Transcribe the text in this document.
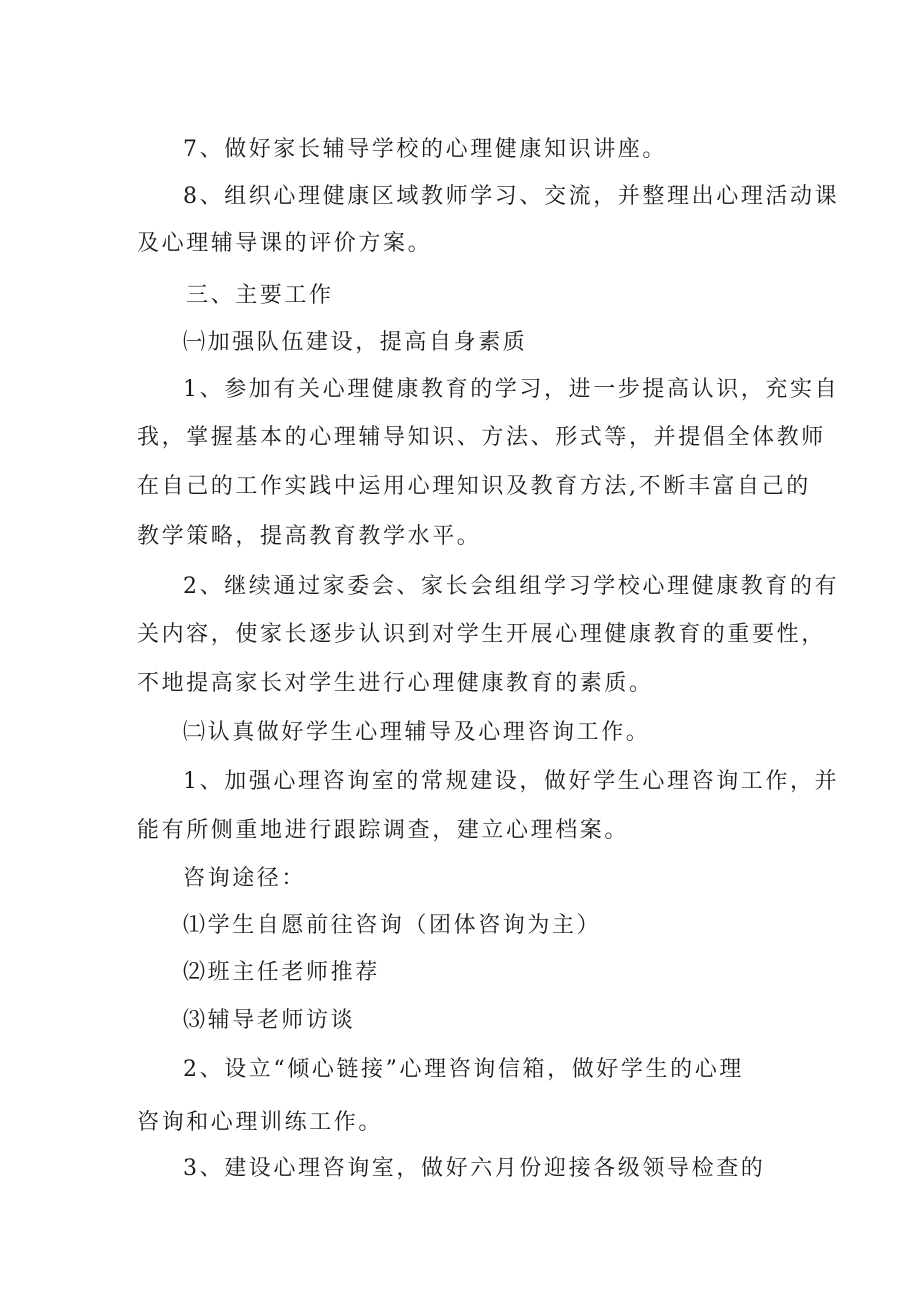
7、做好家长辅导学校的心理健康知识讲座。
8、组织心理健康区域教师学习、交流，并整理出心理活动课
及心理辅导课的评价方案。
三、主要工作
㈠加强队伍建设，提高自身素质
1、参加有关心理健康教育的学习，进一步提高认识，充实自
我，掌握基本的心理辅导知识、方法、形式等，并提倡全体教师
在自己的工作实践中运用心理知识及教育方法,不断丰富自己的
教学策略，提高教育教学水平。
2、继续通过家委会、家长会组组学习学校心理健康教育的有
关内容，使家长逐步认识到对学生开展心理健康教育的重要性，
不地提高家长对学生进行心理健康教育的素质。
㈡认真做好学生心理辅导及心理咨询工作。
1、加强心理咨询室的常规建设，做好学生心理咨询工作，并
能有所侧重地进行跟踪调查，建立心理档案。
咨询途径：
⑴学生自愿前往咨询（团体咨询为主）
⑵班主任老师推荐
⑶辅导老师访谈
2、设立“倾心链接”心理咨询信箱，做好学生的心理
咨询和心理训练工作。
3、建设心理咨询室，做好六月份迎接各级领导检查的
